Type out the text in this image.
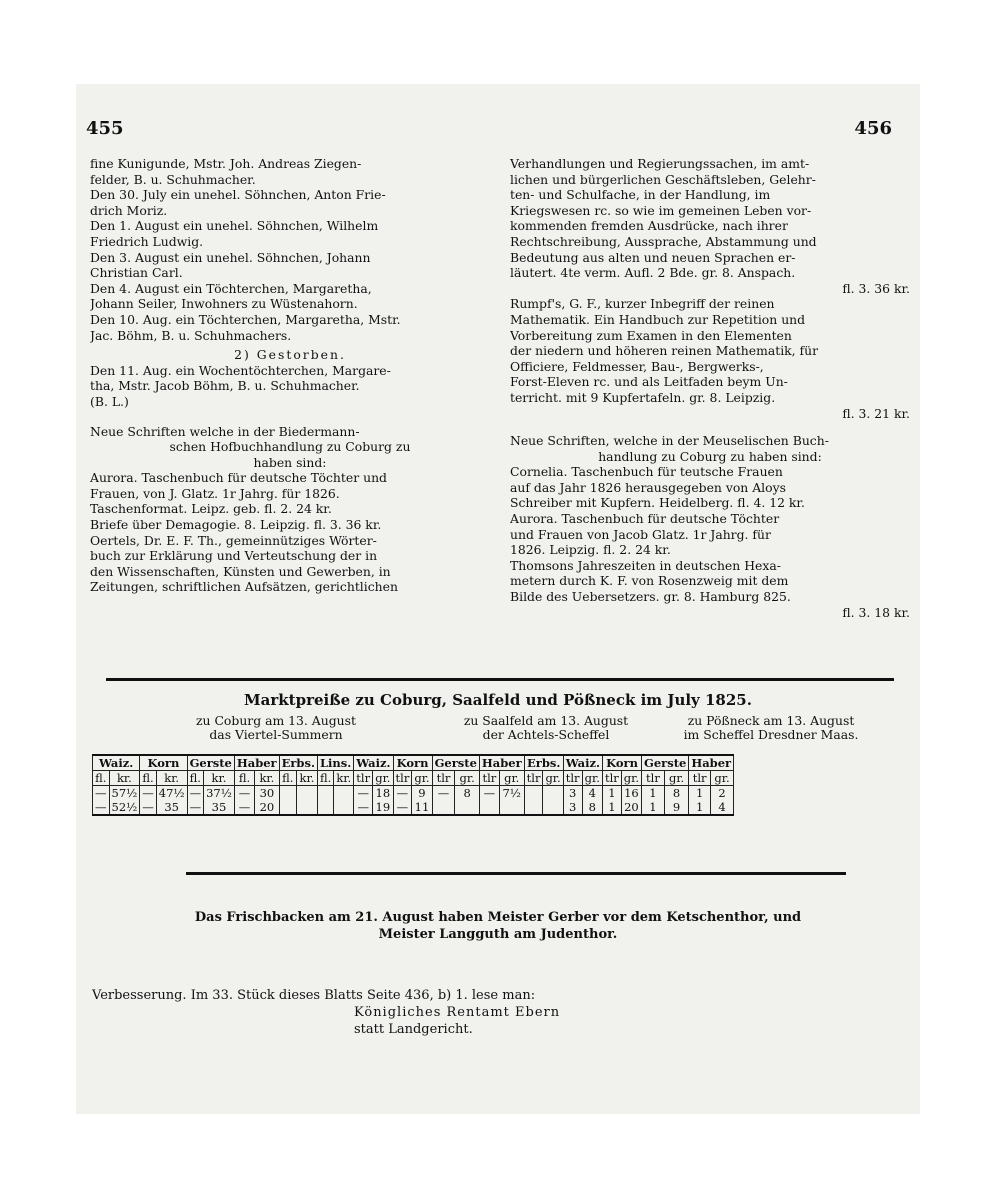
455	456
fine Kunigunde, Mstr. Joh. Andreas Ziegen-
felder, B. u. Schuhmacher.
Den 30. July ein unehel. Söhnchen, Anton Frie-
drich Moriz.
Den 1. August ein unehel. Söhnchen, Wilhelm
Friedrich Ludwig.
Den 3. August ein unehel. Söhnchen, Johann
Christian Carl.
Den 4. August ein Töchterchen, Margaretha,
Johann Seiler, Inwohners zu Wüstenahorn.
Den 10. Aug. ein Töchterchen, Margaretha, Mstr.
Jac. Böhm, B. u. Schuhmachers.
2) Gestorben.
Den 11. Aug. ein Wochentöchterchen, Margare-
tha, Mstr. Jacob Böhm, B. u. Schuhmacher.
(B. L.)
Neue Schriften welche in der Biedermann-
schen Hofbuchhandlung zu Coburg zu
haben sind:
Aurora. Taschenbuch für deutsche Töchter und
Frauen, von J. Glatz. 1r Jahrg. für 1826.
Taschenformat. Leipz. geb. fl. 2. 24 kr.
Briefe über Demagogie. 8. Leipzig. fl. 3. 36 kr.
Oertels, Dr. E. F. Th., gemeinnütziges Wörter-
buch zur Erklärung und Verteutschung der in
den Wissenschaften, Künsten und Gewerben, in
Zeitungen, schriftlichen Aufsätzen, gerichtlichen
Verhandlungen und Regierungssachen, im amt-
lichen und bürgerlichen Geschäftsleben, Gelehr-
ten- und Schulfache, in der Handlung, im
Kriegswesen rc. so wie im gemeinen Leben vor-
kommenden fremden Ausdrücke, nach ihrer
Rechtschreibung, Aussprache, Abstammung und
Bedeutung aus alten und neuen Sprachen er-
läutert. 4te verm. Aufl. 2 Bde. gr. 8. Anspach.
fl. 3. 36 kr.
Rumpf's, G. F., kurzer Inbegriff der reinen
Mathematik. Ein Handbuch zur Repetition und
Vorbereitung zum Examen in den Elementen
der niedern und höheren reinen Mathematik, für
Officiere, Feldmesser, Bau-, Bergwerks-,
Forst-Eleven rc. und als Leitfaden beym Un-
terricht. mit 9 Kupfertafeln. gr. 8. Leipzig.
fl. 3. 21 kr.
Neue Schriften, welche in der Meuselischen Buch-
handlung zu Coburg zu haben sind:
Cornelia. Taschenbuch für teutsche Frauen
auf das Jahr 1826 herausgegeben von Aloys
Schreiber mit Kupfern. Heidelberg. fl. 4. 12 kr.
Aurora. Taschenbuch für deutsche Töchter
und Frauen von Jacob Glatz. 1r Jahrg. für
1826. Leipzig. fl. 2. 24 kr.
Thomsons Jahreszeiten in deutschen Hexa-
metern durch K. F. von Rosenzweig mit dem
Bilde des Uebersetzers. gr. 8. Hamburg 825.
fl. 3. 18 kr.
Marktpreiße zu Coburg, Saalfeld und Pößneck im July 1825.
zu Coburg am 13. August
das Viertel-Summern
zu Saalfeld am 13. August
der Achtels-Scheffel
zu Pößneck am 13. August
im Scheffel Dresdner Maas.
Waiz.		Korn		Gerste		Haber		Erbs.		Lins.		Waiz.		Korn		Gerste		Haber		Erbs.		Waiz.		Korn		Gerste		Haber	
fl.	kr.	fl.	kr.	fl.	kr.	fl.	kr.	fl.	kr.	fl.	kr.	tlr	gr.	tlr	gr.	tlr	gr.	tlr	gr.	tlr	gr.	tlr	gr.	tlr	gr.	tlr	gr.	tlr	gr.
—	57½	—	47½	—	37½	—	30					—	18	—	9	—	8	—	7½			3	4	1	16	1	8	1	2
—	52½	—	35	—	35	—	20					—	19	—	11							3	8	1	20	1	9	1	4
Das Frischbacken am 21. August haben Meister Gerber vor dem Ketschenthor, und
Meister Langguth am Judenthor.
Verbesserung. Im 33. Stück dieses Blatts Seite 436, b) 1. lese man:
Königliches Rentamt Ebern
statt Landgericht.
